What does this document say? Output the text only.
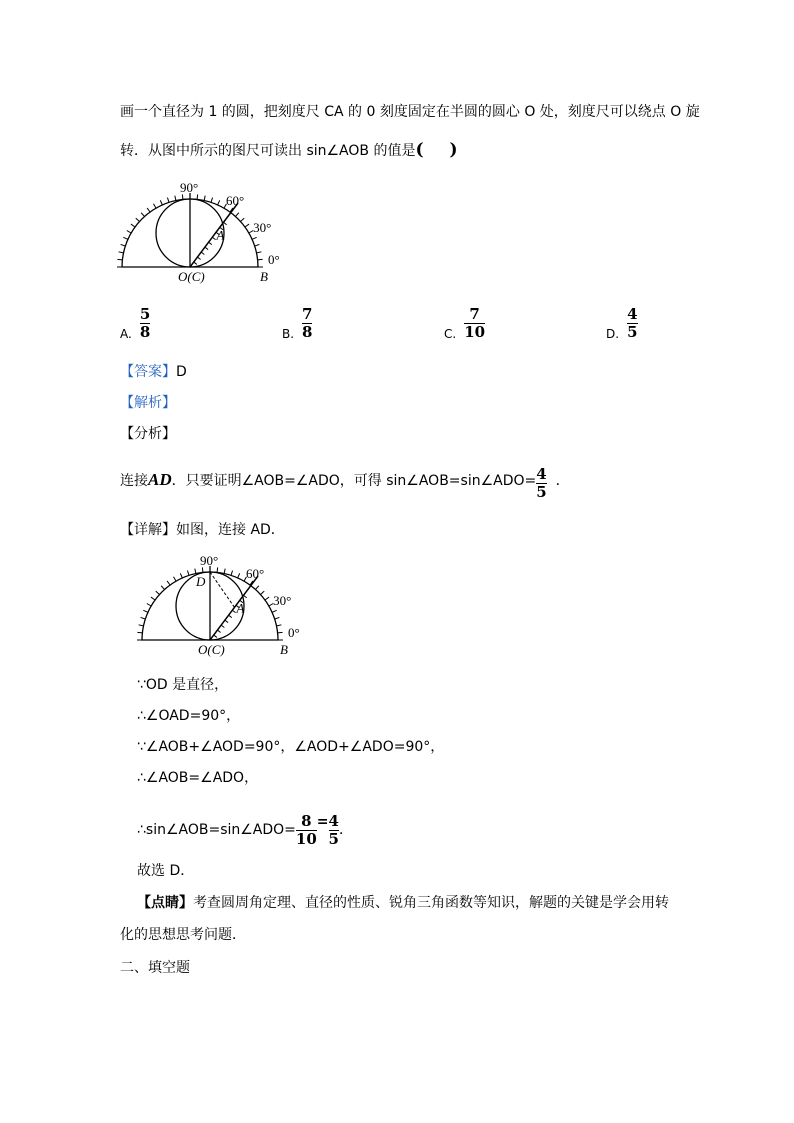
画一个直径为 1 的圆，把刻度尺 CA 的 0 刻度固定在半圆的圆心 O 处，刻度尺可以绕点 O 旋
转．从图中所示的图尺可读出 sin∠AOB 的值是( )
90°
60°
30°
0°
A
O(C)	B
A. $\frac{5}{8}$	B. $\frac{7}{8}$	C. $\frac{7}{10}$	D. $\frac{4}{5}$
【答案】D
【解析】
【分析】
连接AD．只要证明∠AOB=∠ADO，可得 sin∠AOB=sin∠ADO= $\frac{4}{5}$ ．
【详解】如图，连接 AD．
90°
60°
30°
0°
A
O(C)	B
D
∵OD 是直径，
∴∠OAD=90°，
∵∠AOB+∠AOD=90°，∠AOD+∠ADO=90°，
∴∠AOB=∠ADO，
∴sin∠AOB=sin∠ADO= $\frac{8}{10} = \frac{4}{5}$ ．
故选 D．
【点睛】考查圆周角定理、直径的性质、锐角三角函数等知识，解题的关键是学会用转
化的思想思考问题．
二、填空题
